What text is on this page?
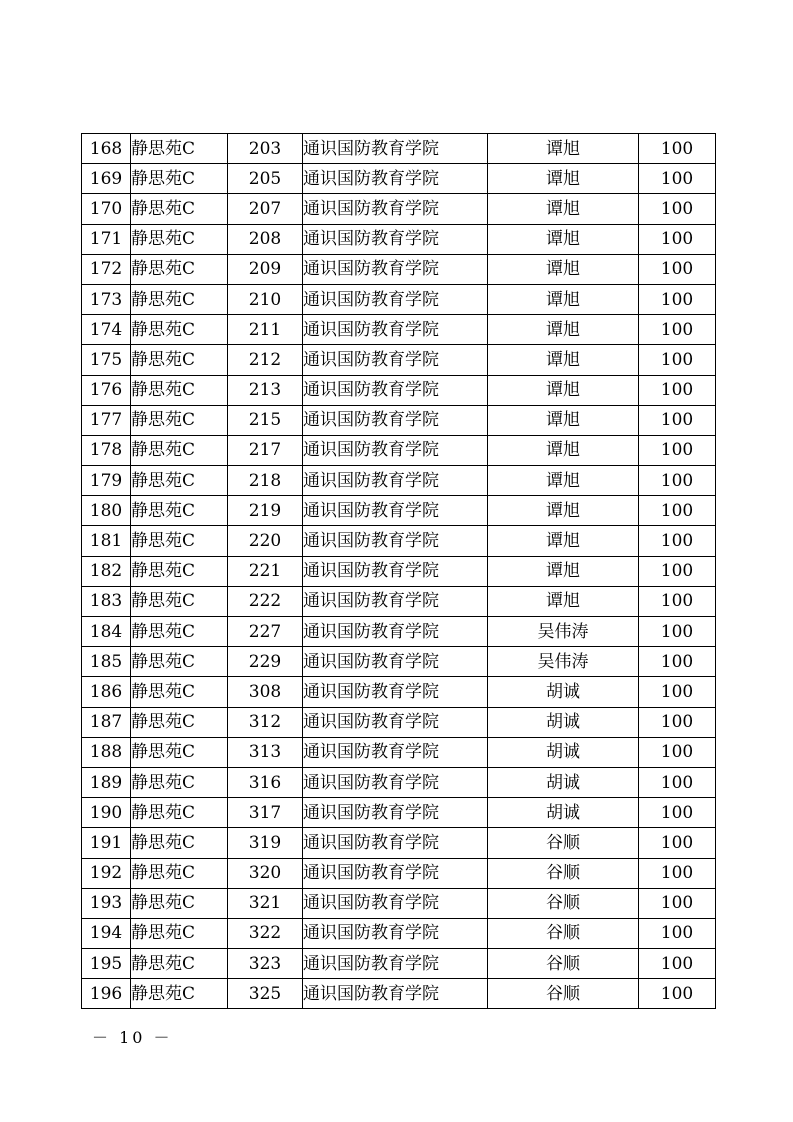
168	静思苑C	203	通识国防教育学院	谭旭	100
169	静思苑C	205	通识国防教育学院	谭旭	100
170	静思苑C	207	通识国防教育学院	谭旭	100
171	静思苑C	208	通识国防教育学院	谭旭	100
172	静思苑C	209	通识国防教育学院	谭旭	100
173	静思苑C	210	通识国防教育学院	谭旭	100
174	静思苑C	211	通识国防教育学院	谭旭	100
175	静思苑C	212	通识国防教育学院	谭旭	100
176	静思苑C	213	通识国防教育学院	谭旭	100
177	静思苑C	215	通识国防教育学院	谭旭	100
178	静思苑C	217	通识国防教育学院	谭旭	100
179	静思苑C	218	通识国防教育学院	谭旭	100
180	静思苑C	219	通识国防教育学院	谭旭	100
181	静思苑C	220	通识国防教育学院	谭旭	100
182	静思苑C	221	通识国防教育学院	谭旭	100
183	静思苑C	222	通识国防教育学院	谭旭	100
184	静思苑C	227	通识国防教育学院	吴伟涛	100
185	静思苑C	229	通识国防教育学院	吴伟涛	100
186	静思苑C	308	通识国防教育学院	胡诚	100
187	静思苑C	312	通识国防教育学院	胡诚	100
188	静思苑C	313	通识国防教育学院	胡诚	100
189	静思苑C	316	通识国防教育学院	胡诚	100
190	静思苑C	317	通识国防教育学院	胡诚	100
191	静思苑C	319	通识国防教育学院	谷顺	100
192	静思苑C	320	通识国防教育学院	谷顺	100
193	静思苑C	321	通识国防教育学院	谷顺	100
194	静思苑C	322	通识国防教育学院	谷顺	100
195	静思苑C	323	通识国防教育学院	谷顺	100
196	静思苑C	325	通识国防教育学院	谷顺	100
－ 10 －
